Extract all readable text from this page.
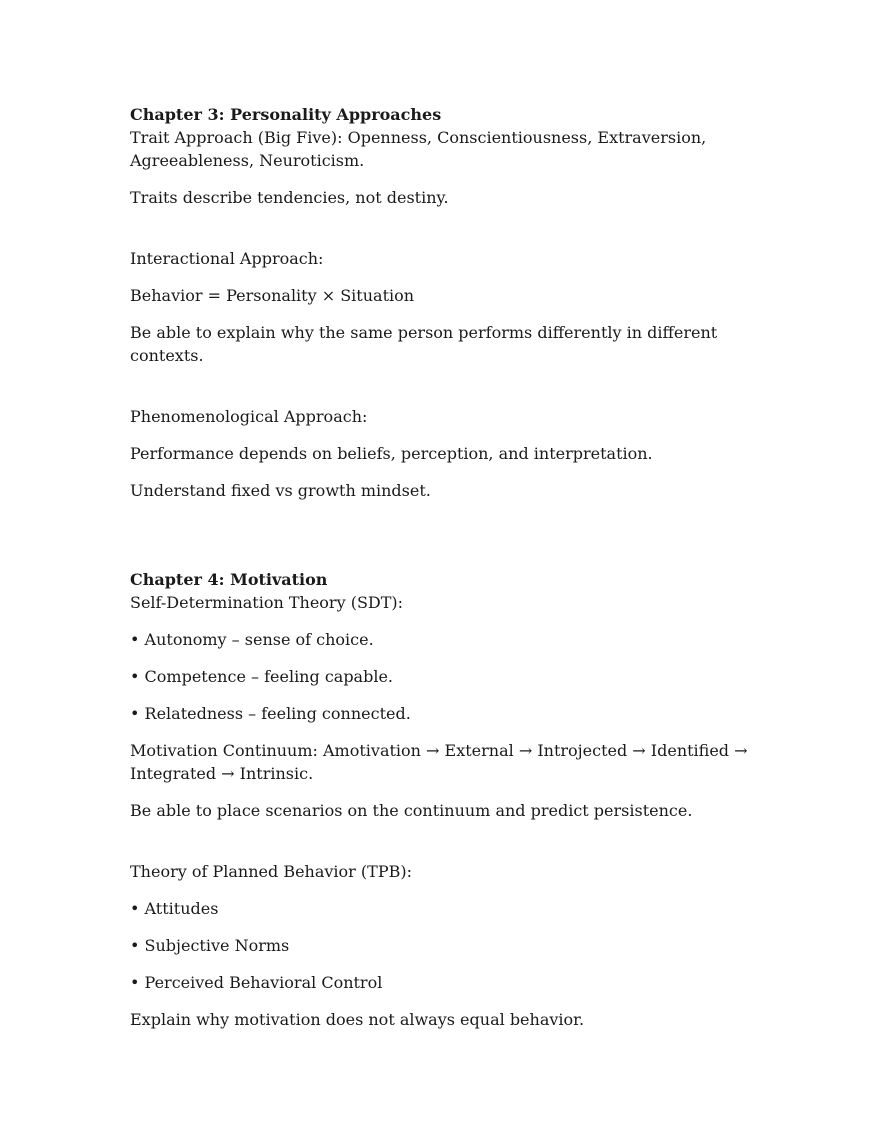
Chapter 3: Personality Approaches

Trait Approach (Big Five): Openness, Conscientiousness, Extraversion, Agreeableness, Neuroticism.

Traits describe tendencies, not destiny.

Interactional Approach:

Behavior = Personality × Situation

Be able to explain why the same person performs differently in different contexts.

Phenomenological Approach:

Performance depends on beliefs, perception, and interpretation.

Understand fixed vs growth mindset.

Chapter 4: Motivation

Self-Determination Theory (SDT):

• Autonomy – sense of choice.

• Competence – feeling capable.

• Relatedness – feeling connected.

Motivation Continuum: Amotivation → External → Introjected → Identified → Integrated → Intrinsic.

Be able to place scenarios on the continuum and predict persistence.

Theory of Planned Behavior (TPB):

• Attitudes

• Subjective Norms

• Perceived Behavioral Control

Explain why motivation does not always equal behavior.
